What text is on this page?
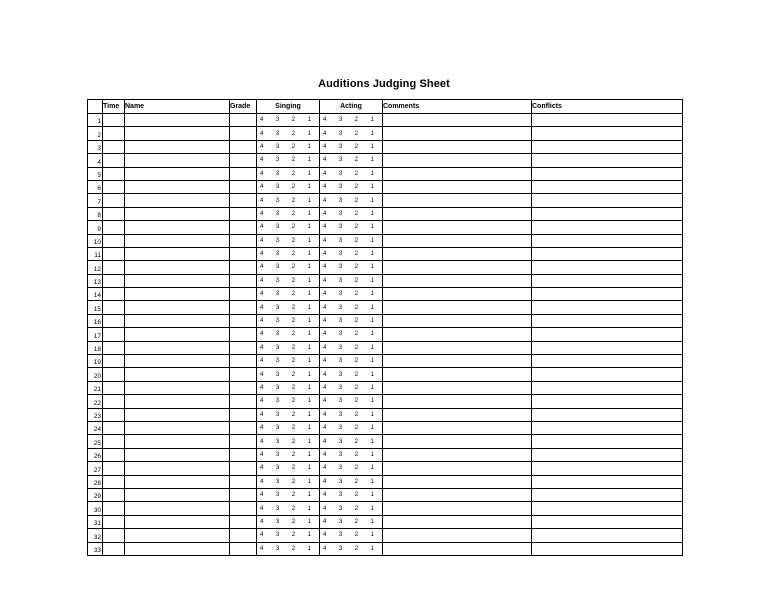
Auditions Judging Sheet
	Time	Name	Grade	Singing	Acting	Comments	Conflicts
1				4 3 2 1	4 3 2 1		

2				4 3 2 1	4 3 2 1		

3				4 3 2 1	4 3 2 1		

4				4 3 2 1	4 3 2 1		

5				4 3 2 1	4 3 2 1		

6				4 3 2 1	4 3 2 1		

7				4 3 2 1	4 3 2 1		

8				4 3 2 1	4 3 2 1		

9				4 3 2 1	4 3 2 1		

10				4 3 2 1	4 3 2 1		

11				4 3 2 1	4 3 2 1		

12				4 3 2 1	4 3 2 1		

13				4 3 2 1	4 3 2 1		

14				4 3 2 1	4 3 2 1		

15				4 3 2 1	4 3 2 1		

16				4 3 2 1	4 3 2 1		

17				4 3 2 1	4 3 2 1		

18				4 3 2 1	4 3 2 1		

19				4 3 2 1	4 3 2 1		

20				4 3 2 1	4 3 2 1		

21				4 3 2 1	4 3 2 1		

22				4 3 2 1	4 3 2 1		

23				4 3 2 1	4 3 2 1		

24				4 3 2 1	4 3 2 1		

25				4 3 2 1	4 3 2 1		

26				4 3 2 1	4 3 2 1		

27				4 3 2 1	4 3 2 1		

28				4 3 2 1	4 3 2 1		

29				4 3 2 1	4 3 2 1		

30				4 3 2 1	4 3 2 1		

31				4 3 2 1	4 3 2 1		

32				4 3 2 1	4 3 2 1		

33				4 3 2 1	4 3 2 1		
